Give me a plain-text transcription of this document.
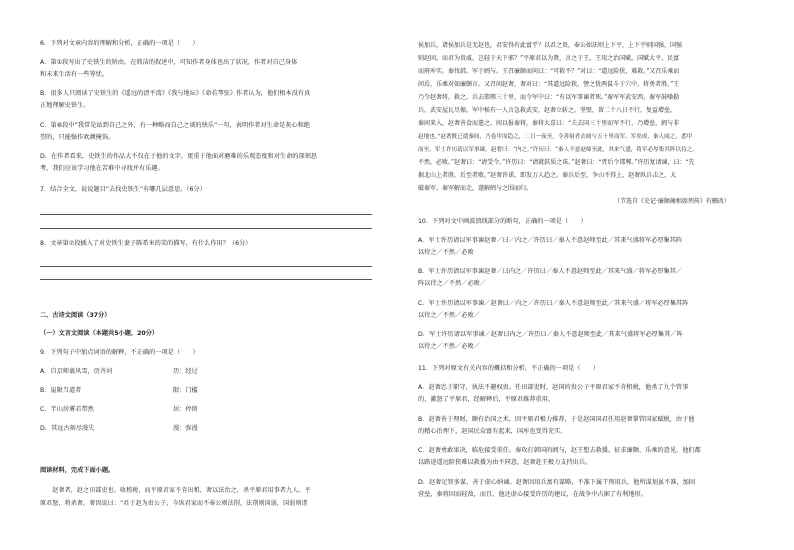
6．下列对文章内容的理解和分析，正确的一项是（　　）
A．第①段写出了史铁生的矫由，在简洁的叙述中，可知作者身体也出了状况，作者对自己身体
和未来生活有一些筹忧。
B．很多人只阅读了史铁生的《遥远的清平湾》《我与地坛》《命若琴弦》作者认为，他们根本没有真
正地理解史铁生。
C．第⑥段中“我常是站到自己之外，有一种略而自己之谈的快乐”一句，表明作者对生命是灰心和绝
望的，只能强作欢颜掩饰。
D．在作者看来，史铁生的作品大不仅在于他的文字，更重于他面对磨难的乐观态度和对生命的深刻思
考，我们应该学习他在苦难中寻找并有乐趣。
7．结合全文，说说题目“去找史铁生”有哪几层意思。（6分）
8．文章第⑦段插入了对史铁生妻子陈希米的笑的描写，有什么作用？（6分）
二、古诗文阅读（37分）
（一）文言文阅读（本题共5小题，20分）
9．下列句子中加点词语的解释，不正确的一项是（　　）
A．自京师裹风雪，历齐河	历：经过
B．崖限当道者	限：门槛
C．半山居雾若带然	居：停留
D．其远古刻尽漫失	漫：弥漫
阅读材料，完成下面小题。
　　赵奢者，赵之田部吏也。收租税，而平原君家不肯出租，奢以法治之，杀平原君用事者九人。平
原君怒，将杀奢。奢因说曰：“君于赵为贵公子，今纵君家而不奉公则法削，法削则国弱，国弱则诸
侯加兵，诸侯加兵是无赵也，君安得有此富乎？以君之贵，奉公如法则上下平，上下平则国强，国强
则赵固，而君为贵戚，岂轻于天下邪？”平原君以为贤，言之于王。王用之治国赋，国赋大平，民富
而府库实。秦伐韩，军于阏与。王召廉颇而问曰：“可救不？”对曰：“道远险狭，难救。”又召乐乘而
问焉，乐乘对如廉颇言。又召问赵奢，奢对曰：“其道远险狭，譬之犹两鼠斗于穴中，将勇者胜。”王
乃令赵奢将，救之。兵去邯郸三十里，而令军中曰：“有以军事谏者死。”秦军军武安西，秦军鼓噪勒
兵，武安屋瓦尽振。军中候有一人言急救武安，赵奢立斩之。坚壁，留二十八日不行，复益增垒。
秦间来入，赵奢善食而遣之。间以报秦将，秦将大喜曰：“夫去国三十里而军不行，乃增垒，阏与非
赵地也。”赵奢既已遣秦间，乃卷甲而趋之，二日一夜至，令善射者去阏与五十里而军。军垒成，秦人闻之，悉甲
而至。军士许历请以军事谏，赵奢曰：“内之。”许历曰：“秦人不意赵师至此，其来气盛，将军必厚集其阵以待之。
不然，必败。”赵奢曰：“请受令。”许历曰：“请就鈇质之诛。”赵奢曰：“胥后令邯郸。”许历复请谏，曰：“先
据北山上者胜，后至者败。”赵奢许诺，即发万人趋之。秦兵后至，争山不得上，赵奢纵兵击之，大
破秦军。秦军解而走，遂解阏与之围而归。
（节选自《史记·廉颇蔺相如列传》有删改）
10．下列对文中画波浪线部分的断句，正确的一项是（　　）
A．军士许历请以军事谏赵奢／曰／内之／许历曰／秦人不意赵师至此／其来气盛将军必厚集其阵
以待之／不然／必败
B．军士许历请以军事谏赵奢／曰内之／许历曰／秦人不意赵师至此／其来气盛／将军必厚集其／
阵以待之／不然／必败／
C．军士许历请以军事谏／赵奢曰／内之／许历曰／秦人不意赵师至此／其来气盛／将军必厚集其阵
以待之／不然／必败／
D．军士许历请以军事谏／赵奢曰内之／许历曰／秦人不意赵师至此／其来气盛将军必厚集其／阵
以待之／不然／必败／
11．下列对原文有关内容的概括和分析，不正确的一项是（　　）
A．赵奢忠于职守，执法不避权贵。任田部吏时，赵国的贵公子平原君家不肯租税，他杀了九个管事
的，激怒了平原君，经解释后，平原君推荐重用。
B．赵奢善于理财，颇有治国之术。因平原君极力推荐，于是赵国国君任用赵奢掌管国家赋税，由于他
的精心治理下，赵国民众富有起来，国库也变得充实。
C．赵奢勇敢果决，临危接受重任。秦攻打韩国的阏与，赵王想去救援，征求廉颇、乐乘的意见，他们都
以路途遥远险狭难以救援为由不同意，赵奢赴王极力支持出兵。
D．赵奢足智多谋，善于虚心纳谏。赵奢因用兵富有谋略，不准下属干预用兵，他所谋划虽不准，加固
营垒，秦将因而轻敌，而且，他还虚心接受许历的建议，在战争中占据了有利地形。
